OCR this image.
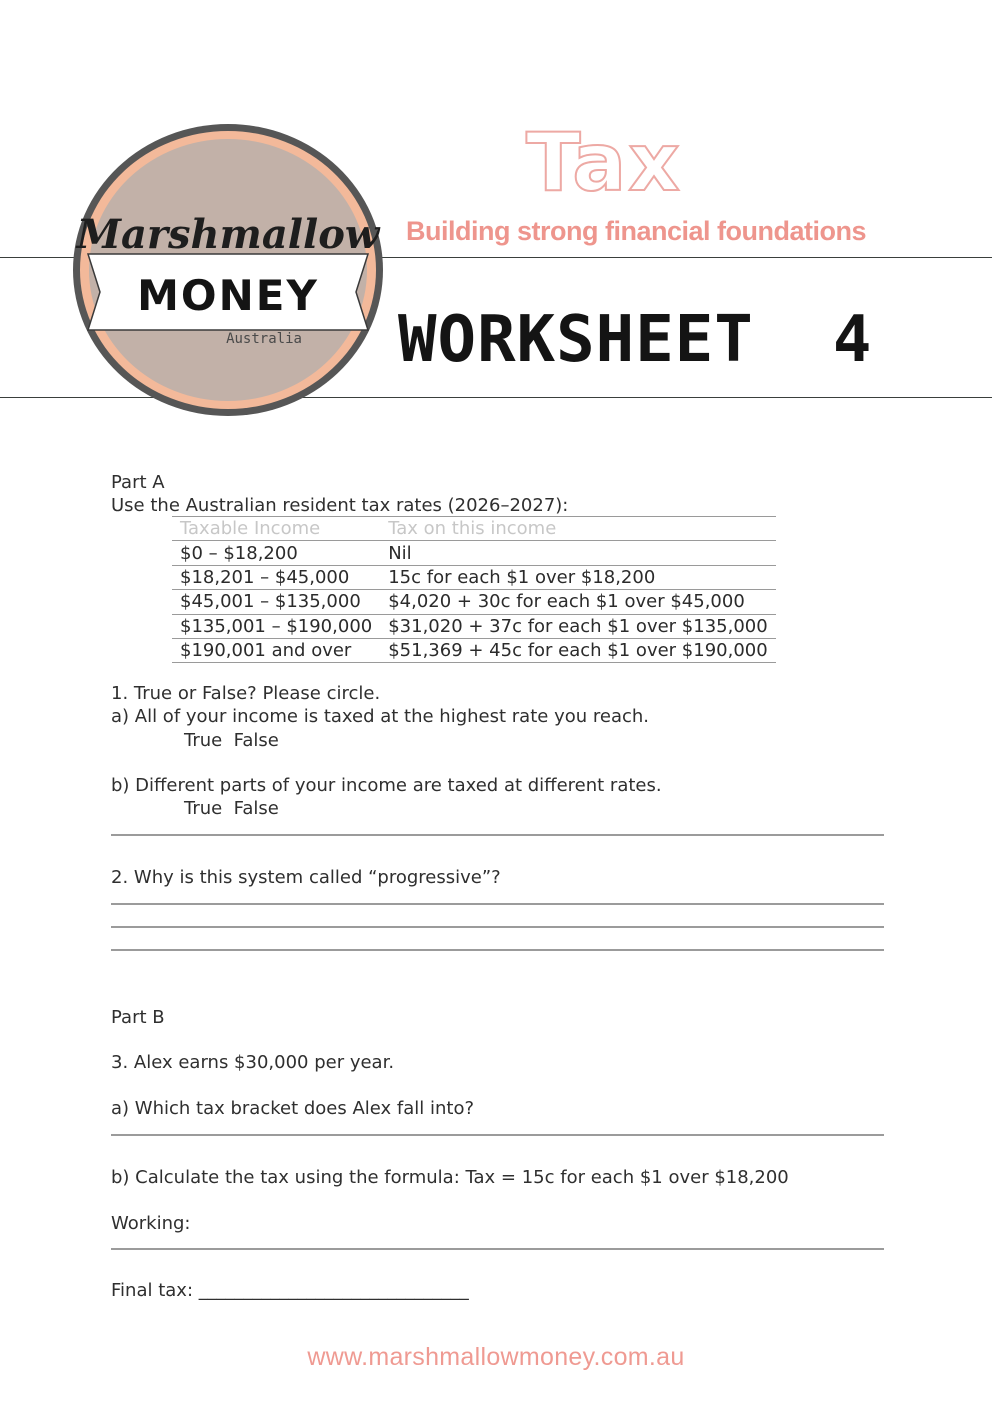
Marshmallow
MONEY
Australia
Tax
Building strong financial foundations
WORKSHEET  4
Part A
Use the Australian resident tax rates (2026–2027):
Taxable Income	Tax on this income
$0 – $18,200	Nil
$18,201 – $45,000	15c for each $1 over $18,200
$45,001 – $135,000	$4,020 + 30c for each $1 over $45,000
$135,001 – $190,000	$31,020 + 37c for each $1 over $135,000
$190,001 and over	$51,369 + 45c for each $1 over $190,000
1. True or False? Please circle.
a) All of your income is taxed at the highest rate you reach.
True  False
b) Different parts of your income are taxed at different rates.
True  False
2. Why is this system called “progressive”?
Part B
3. Alex earns $30,000 per year.
a) Which tax bracket does Alex fall into?
b) Calculate the tax using the formula: Tax = 15c for each $1 over $18,200
Working:
Final tax: ______________________________
www.marshmallowmoney.com.au
